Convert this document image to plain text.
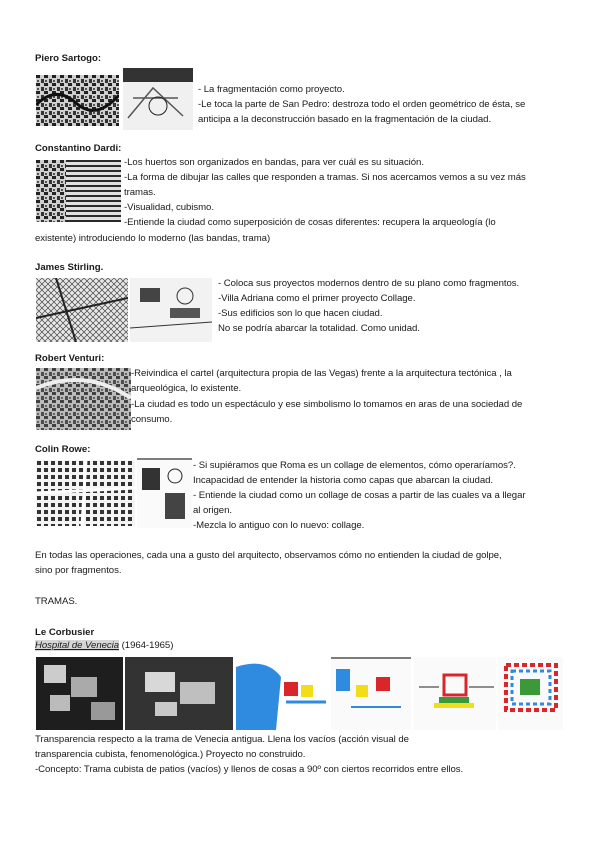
Piero Sartogo:
- La fragmentación como proyecto.
-Le toca la parte de San Pedro: destroza todo el orden geométrico de ésta, se
anticipa a la deconstrucción basado en la fragmentación de la ciudad.
Constantino Dardi:
-Los huertos son organizados en bandas, para ver cuál es su situación.
-La forma de dibujar las calles que responden a tramas. Si nos acercamos vemos a su vez más
tramas.
-Visualidad, cubismo.
-Entiende la ciudad como superposición de cosas diferentes: recupera la arqueología (lo
existente) introduciendo lo moderno (las bandas, trama)
James Stirling.
- Coloca sus proyectos modernos dentro de su plano como fragmentos.
-Villa Adriana como el primer proyecto Collage.
-Sus edificios son lo que hacen ciudad.
No se podría abarcar la totalidad. Como unidad.
Robert Venturi:
-Reivindica el cartel (arquitectura propia de las Vegas) frente a la arquitectura tectónica , la
arqueológica, lo existente.
-La ciudad es todo un espectáculo y ese simbolismo lo tomamos en aras de una sociedad de
consumo.
Colin Rowe:
- Si supiéramos que Roma es un collage de elementos, cómo operaríamos?.
Incapacidad de entender la historia como capas que abarcan la ciudad.
- Entiende la ciudad como un collage de cosas a partir de las cuales va a llegar
al origen.
-Mezcla lo antiguo con lo nuevo: collage.
En todas las operaciones, cada una a gusto del arquitecto, observamos cómo no entienden la ciudad de golpe,
sino por fragmentos.
TRAMAS.
Le Corbusier
Hospital de Venecia (1964-1965)
Transparencia respecto a la trama de Venecia antigua. Llena los vacíos (acción visual de
transparencia cubista, fenomenológica.) Proyecto no construido.
-Concepto: Trama cubista de patios (vacíos) y llenos de cosas a 90º con ciertos recorridos entre ellos.
